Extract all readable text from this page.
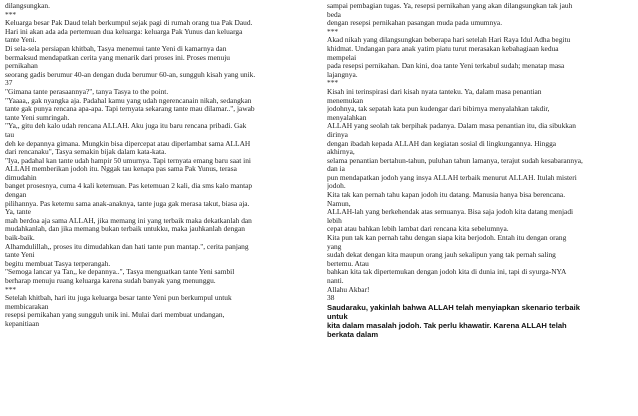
dilangsungkan.
***
Keluarga besar Pak Daud telah berkumpul sejak pagi di rumah orang tua Pak Daud.
Hari ini akan ada ada pertemuan dua keluarga: keluarga Pak Yunus dan keluarga
tante Yeni.
Di sela-sela persiapan khitbah, Tasya menemui tante Yeni di kamarnya dan
bermaksud mendapatkan cerita yang menarik dari proses ini. Proses menuju
pernikahan
seorang gadis berumur 40-an dengan duda berumur 60-an, sungguh kisah yang unik.
37
"Gimana tante perasaannya?", tanya Tasya to the point.
"Yaaaa,, gak nyangka aja. Padahal kamu yang udah ngerencanain nikah, sedangkan
tante gak punya rencana apa-apa. Tapi ternyata sekarang tante mau dilamar..", jawab
tante Yeni sumringah.
"Ya,, gitu deh kalo udah rencana ALLAH. Aku juga itu baru rencana pribadi. Gak
tau
deh ke depannya gimana. Mungkin bisa dipercepat atau diperlambat sama ALLAH
dari rencanaku", Tasya semakin bijak dalam kata-kata.
"Iya, padahal kan tante udah hampir 50 umurnya. Tapi ternyata emang baru saat ini
ALLAH memberikan jodoh itu. Nggak tau kenapa pas sama Pak Yunus, terasa
dimudahin
banget prosesnya, cuma 4 kali ketemuan. Pas ketemuan 2 kali, dia sms kalo mantap
dengan
pilihannya. Pas ketemu sama anak-anaknya, tante juga gak merasa takut, biasa aja.
Ya, tante
mah berdoa aja sama ALLAH, jika memang ini yang terbaik maka dekatkanlah dan
mudahkanlah, dan jika memang bukan terbaik untukku, maka jauhkanlah dengan
baik-baik.
Alhamdulillah,, proses itu dimudahkan dan hati tante pun mantap.", cerita panjang
tante Yeni
begitu membuat Tasya terperangah.
"Semoga lancar ya Tan,, ke depannya..", Tasya menguatkan tante Yeni sambil
berharap menuju ruang keluarga karena sudah banyak yang menunggu.
***
Setelah khitbah, hari itu juga keluarga besar tante Yeni pun berkumpul untuk
membicarakan
resepsi pernikahan yang sungguh unik ini. Mulai dari membuat undangan,
kepanitiaan
sampai pembagian tugas. Ya, resepsi pernikahan yang akan dilangsungkan tak jauh
beda
dengan resepsi pernikahan pasangan muda pada umumnya.
***
Akad nikah yang dilangsungkan beberapa hari setelah Hari Raya Idul Adha begitu
khidmat. Undangan para anak yatim piatu turut merasakan kebahagiaan kedua
mempelai
pada resepsi pernikahan. Dan kini, doa tante Yeni terkabul sudah; menatap masa
lajangnya.
***
Kisah ini terinspirasi dari kisah nyata tanteku. Ya, dalam masa penantian
menemukan
jodohnya, tak sepatah kata pun kudengar dari bibirnya menyalahkan takdir,
menyalahkan
ALLAH yang seolah tak berpihak padanya. Dalam masa penantian itu, dia sibukkan
dirinya
dengan ibadah kepada ALLAH dan kegiatan sosial di lingkungannya. Hingga
akhirnya,
selama penantian bertahun-tahun, puluhan tahun lamanya, terajut sudah kesabarannya,
dan ia
pun mendapatkan jodoh yang insya ALLAH terbaik menurut ALLAH. Itulah misteri
jodoh.
Kita tak kan pernah tahu kapan jodoh itu datang. Manusia hanya bisa berencana.
Namun,
ALLAH-lah yang berkehendak atas semuanya. Bisa saja jodoh kita datang menjadi
lebih
cepat atau bahkan lebih lambat dari rencana kita sebelumnya.
Kita pun tak kan pernah tahu dengan siapa kita berjodoh. Entah itu dengan orang
yang
sudah dekat dengan kita maupun orang jauh sekalipun yang tak pernah saling
bertemu. Atau
bahkan kita tak dipertemukan dengan jodoh kita di dunia ini, tapi di syurga-NYA
nanti.
Allahu Akbar!
38
Saudaraku, yakinlah bahwa ALLAH telah menyiapkan skenario terbaik
untuk
kita dalam masalah jodoh. Tak perlu khawatir. Karena ALLAH telah
berkata dalam
